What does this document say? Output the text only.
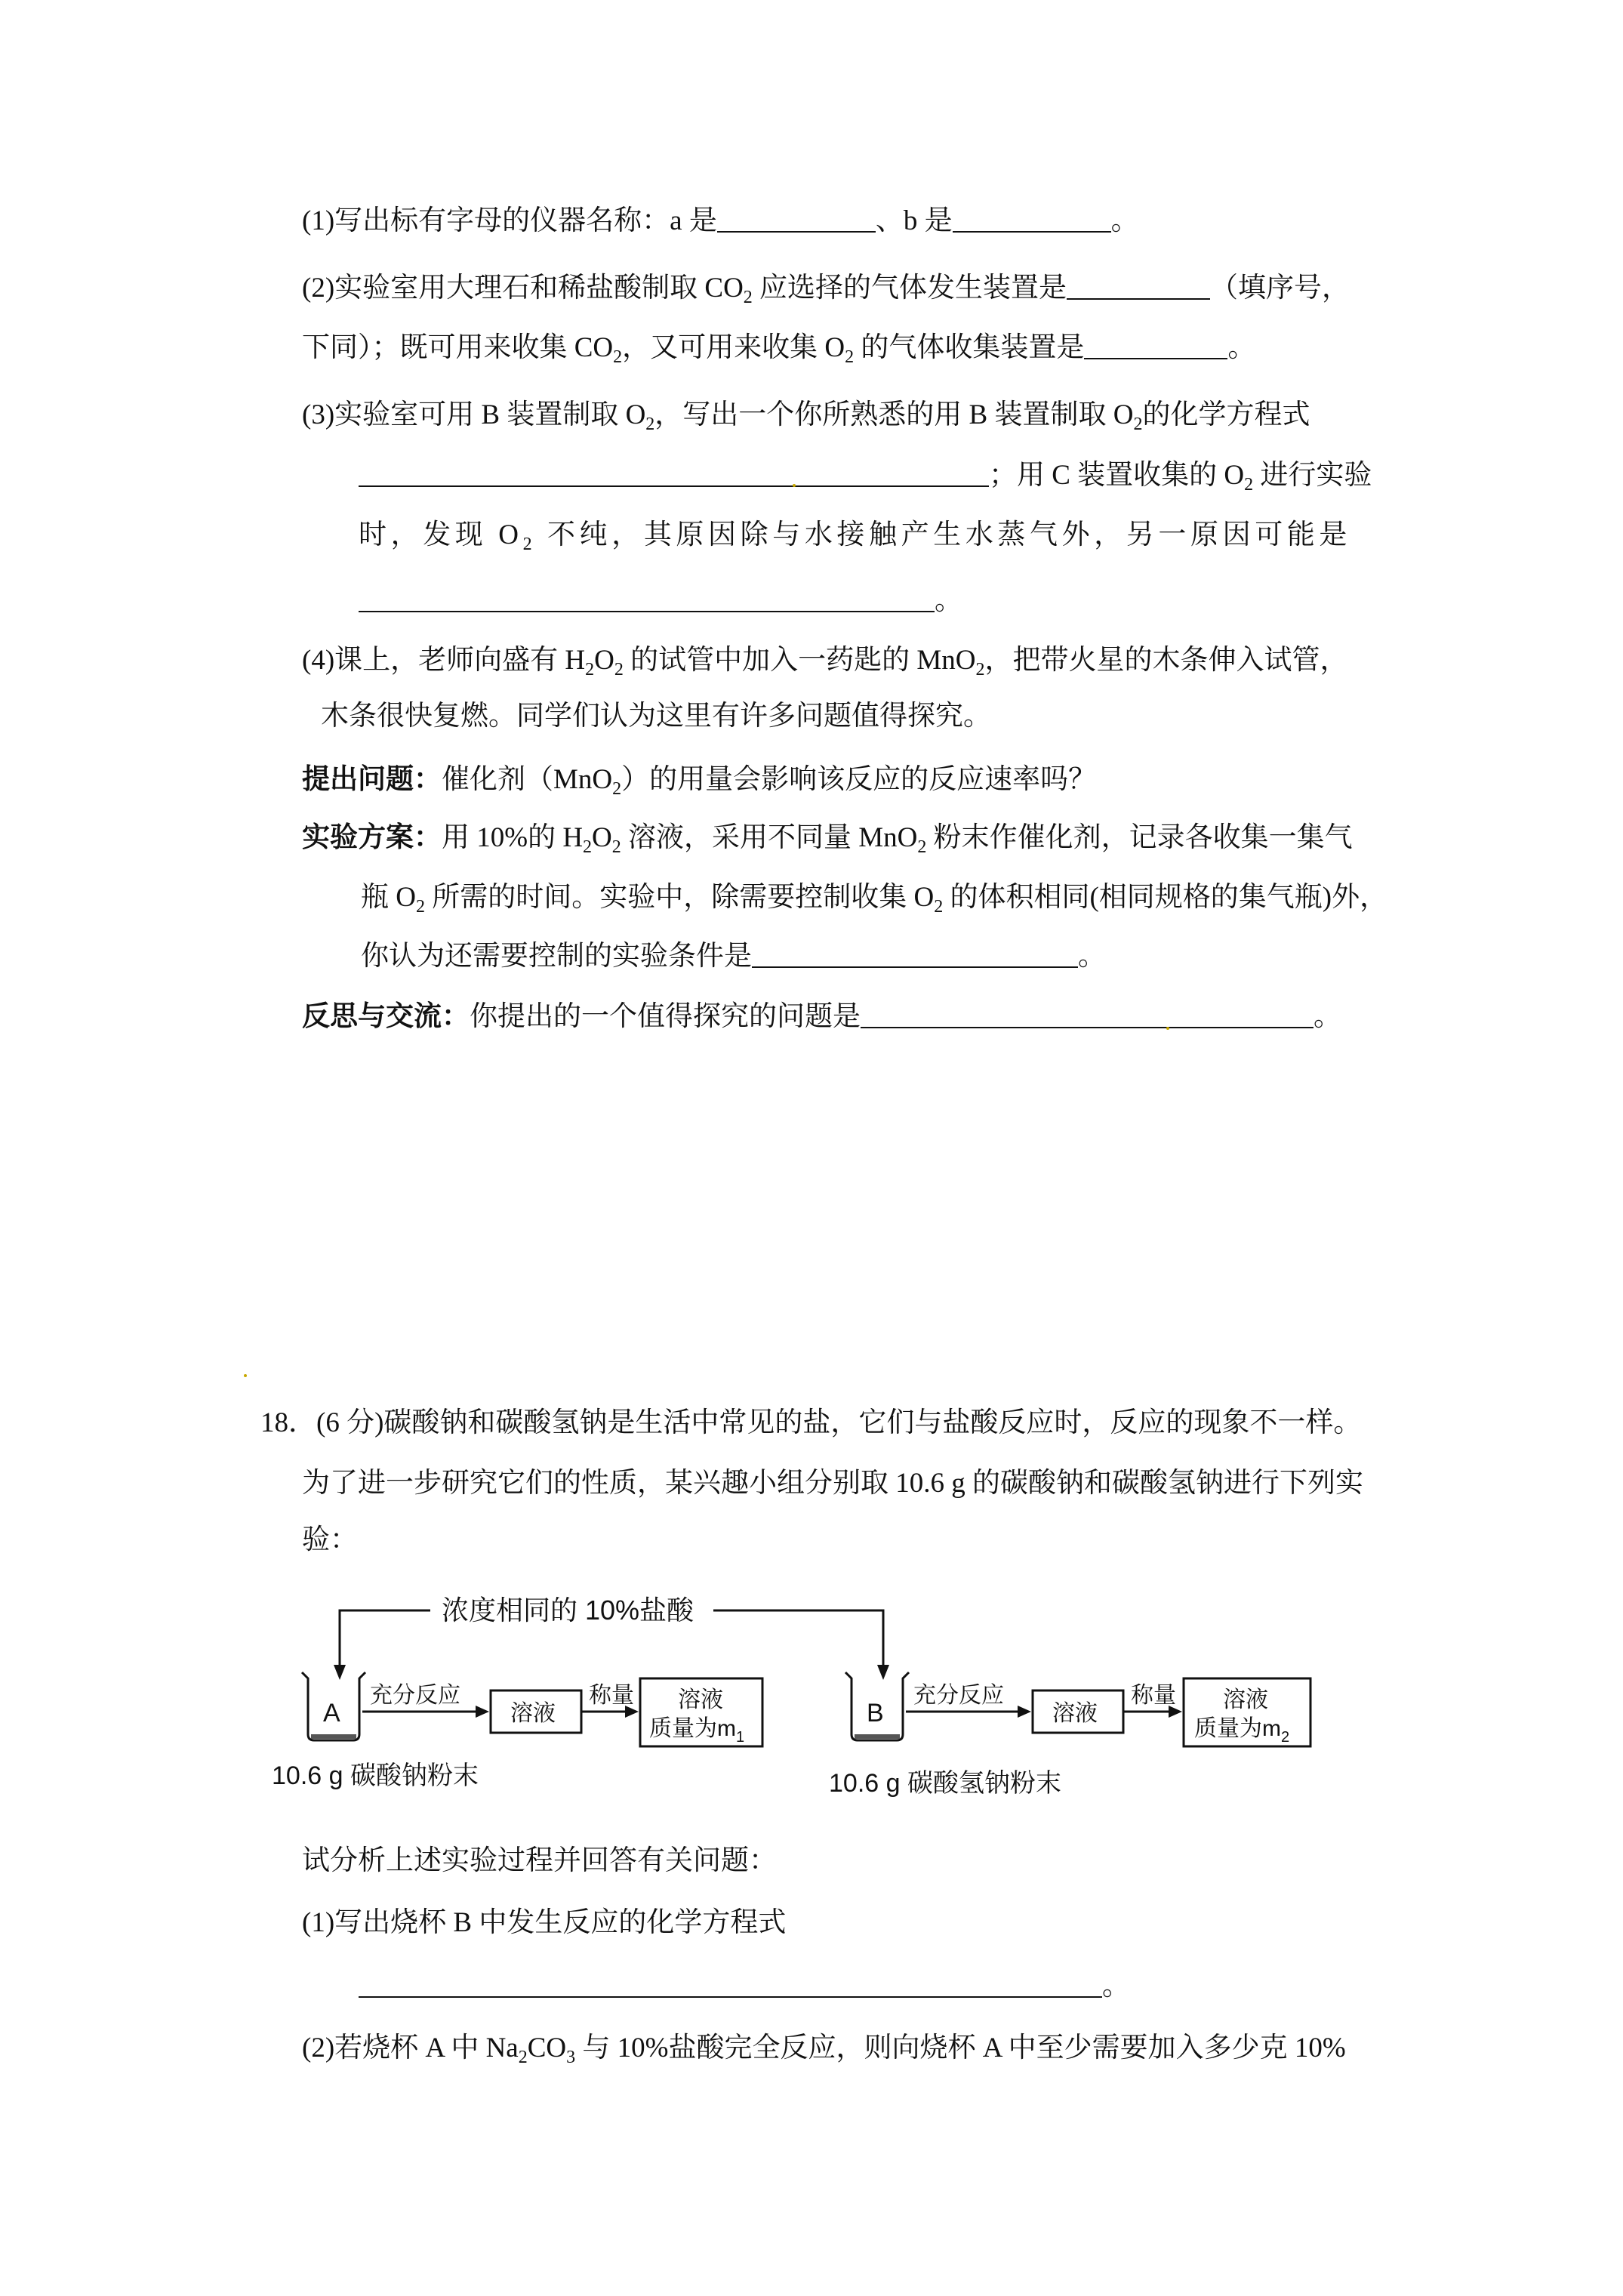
(1)写出标有字母的仪器名称：a 是	、b 是	。
(2)实验室用大理石和稀盐酸制取 $CO_2$ 应选择的气体发生装置是	（填序号，
下同）；既可用来收集 $CO_2$，又可用来收集 $O_2$ 的气体收集装置是	。
(3)实验室可用 B 装置制取 $O_2$，写出一个你所熟悉的用 B 装置制取 $O_2$的化学方程式
；用 C 装置收集的 $O_2$ 进行实验
时，发现 $O_2$ 不纯，其原因除与水接触产生水蒸气外，另一原因可能是
。
(4)课上，老师向盛有 $H_2O_2$ 的试管中加入一药匙的 MnO$_2$，把带火星的木条伸入试管，
木条很快复燃。同学们认为这里有许多问题值得探究。
提出问题：催化剂（MnO$_2$）的用量会影响该反应的反应速率吗？
实验方案：用 10%的 $H_2O_2$ 溶液，采用不同量 MnO$_2$ 粉末作催化剂，记录各收集一集气
瓶 $O_2$ 所需的时间。实验中，除需要控制收集 $O_2$ 的体积相同(相同规格的集气瓶)外，
你认为还需要控制的实验条件是	。
反思与交流：你提出的一个值得探究的问题是	。
18．(6 分)碳酸钠和碳酸氢钠是生活中常见的盐，它们与盐酸反应时，反应的现象不一样。
为了进一步研究它们的性质，某兴趣小组分别取 10.6 g 的碳酸钠和碳酸氢钠进行下列实
验：
浓度相同的 10%盐酸
A
充分反应
溶液
称量 溶液
质量为$m_1$
10.6 g 碳酸钠粉末
B
充分反应
溶液
称量 溶液
质量为$m_2$
10.6 g 碳酸氢钠粉末
试分析上述实验过程并回答有关问题：
(1)写出烧杯 B 中发生反应的化学方程式
。
(2)若烧杯 A 中 $Na_2CO_3$ 与 10%盐酸完全反应，则向烧杯 A 中至少需要加入多少克 10%
